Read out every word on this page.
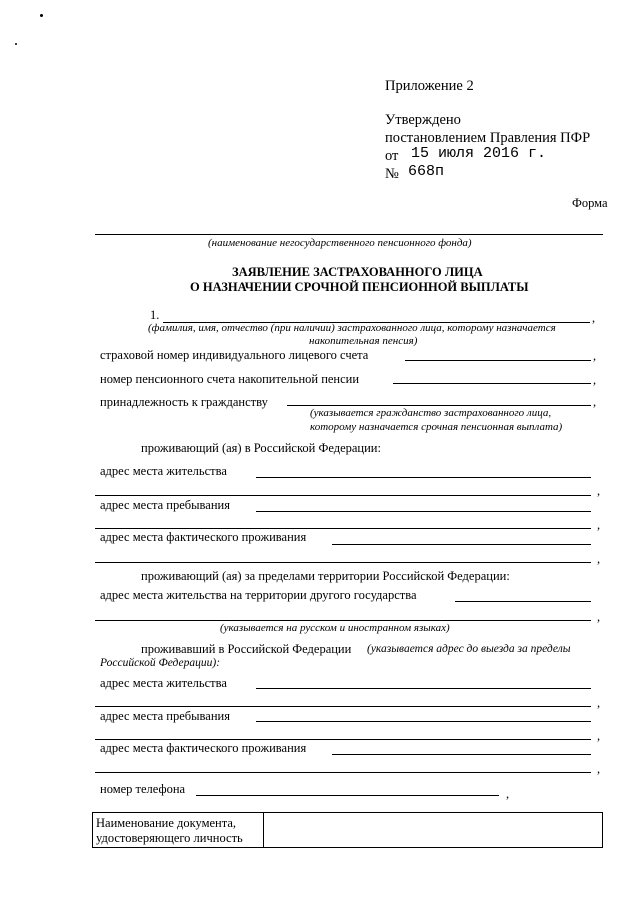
Приложение 2
Утверждено
постановлением Правления ПФР
от 15 июля 2016 г.
№ 668п
Форма
(наименование негосударственного пенсионного фонда)
ЗАЯВЛЕНИЕ ЗАСТРАХОВАННОГО ЛИЦА
О НАЗНАЧЕНИИ СРОЧНОЙ ПЕНСИОННОЙ ВЫПЛАТЫ
1.	,
(фамилия, имя, отчество (при наличии) застрахованного лица, которому назначается
накопительная пенсия)
страховой номер индивидуального лицевого счета	,
номер пенсионного счета накопительной пенсии	,
принадлежность к гражданству	,
(указывается гражданство застрахованного лица,
которому назначается срочная пенсионная выплата)
проживающий (ая) в Российской Федерации:
адрес места жительства
,
адрес места пребывания
,
адрес места фактического проживания
,
проживающий (ая) за пределами территории Российской Федерации:
адрес места жительства на территории другого государства
,
(указывается на русском и иностранном языках)
проживавший в Российской Федерации (указывается адрес до выезда за пределы
Российской Федерации):
адрес места жительства
,
адрес места пребывания
,
адрес места фактического проживания
,
номер телефона	,
Наименование документа,
удостоверяющего личность
